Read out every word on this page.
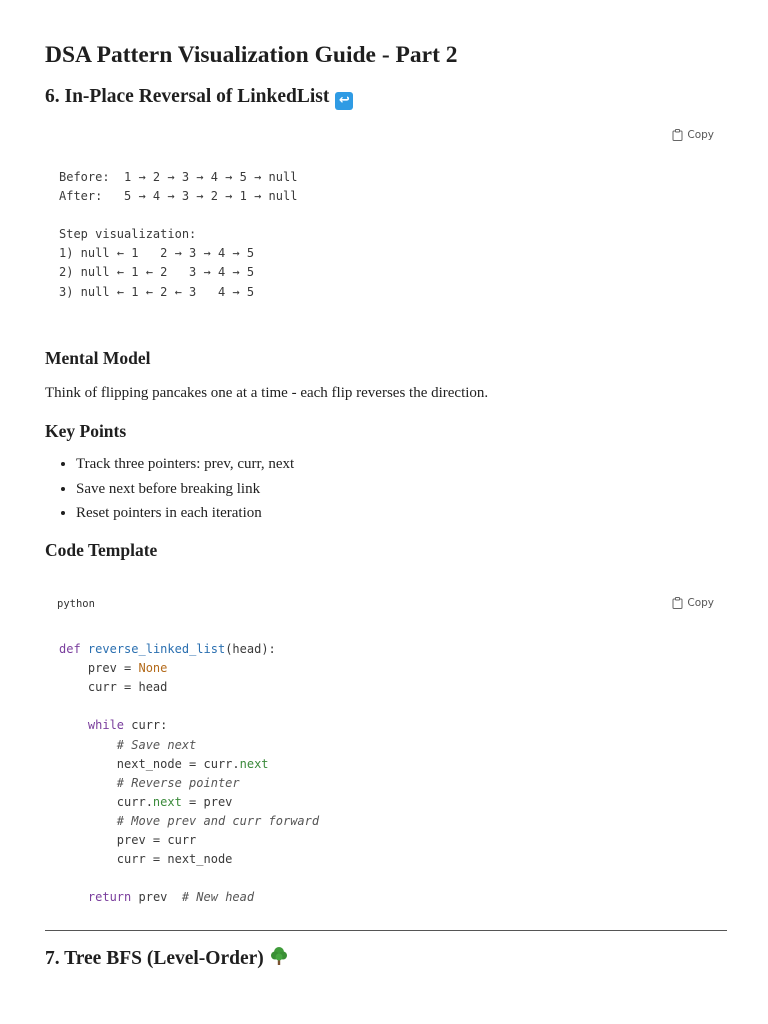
DSA Pattern Visualization Guide - Part 2
6. In-Place Reversal of LinkedList ↩
Copy
Before:  1 → 2 → 3 → 4 → 5 → null
After:   5 → 4 → 3 → 2 → 1 → null

Step visualization:
1) null ← 1   2 → 3 → 4 → 5
2) null ← 1 ← 2   3 → 4 → 5
3) null ← 1 ← 2 ← 3   4 → 5
Mental Model

Think of flipping pancakes one at a time - each flip reverses the direction.

Key Points
• Track three pointers: prev, curr, next
• Save next before breaking link
• Reset pointers in each iteration
Code Template
python	Copy
def reverse_linked_list(head):
prev = None
curr = head

while curr:
# Save next
next_node = curr.next
# Reverse pointer
curr.next = prev
# Move prev and curr forward
prev = curr
curr = next_node

return prev  # New head
7. Tree BFS (Level-Order)
